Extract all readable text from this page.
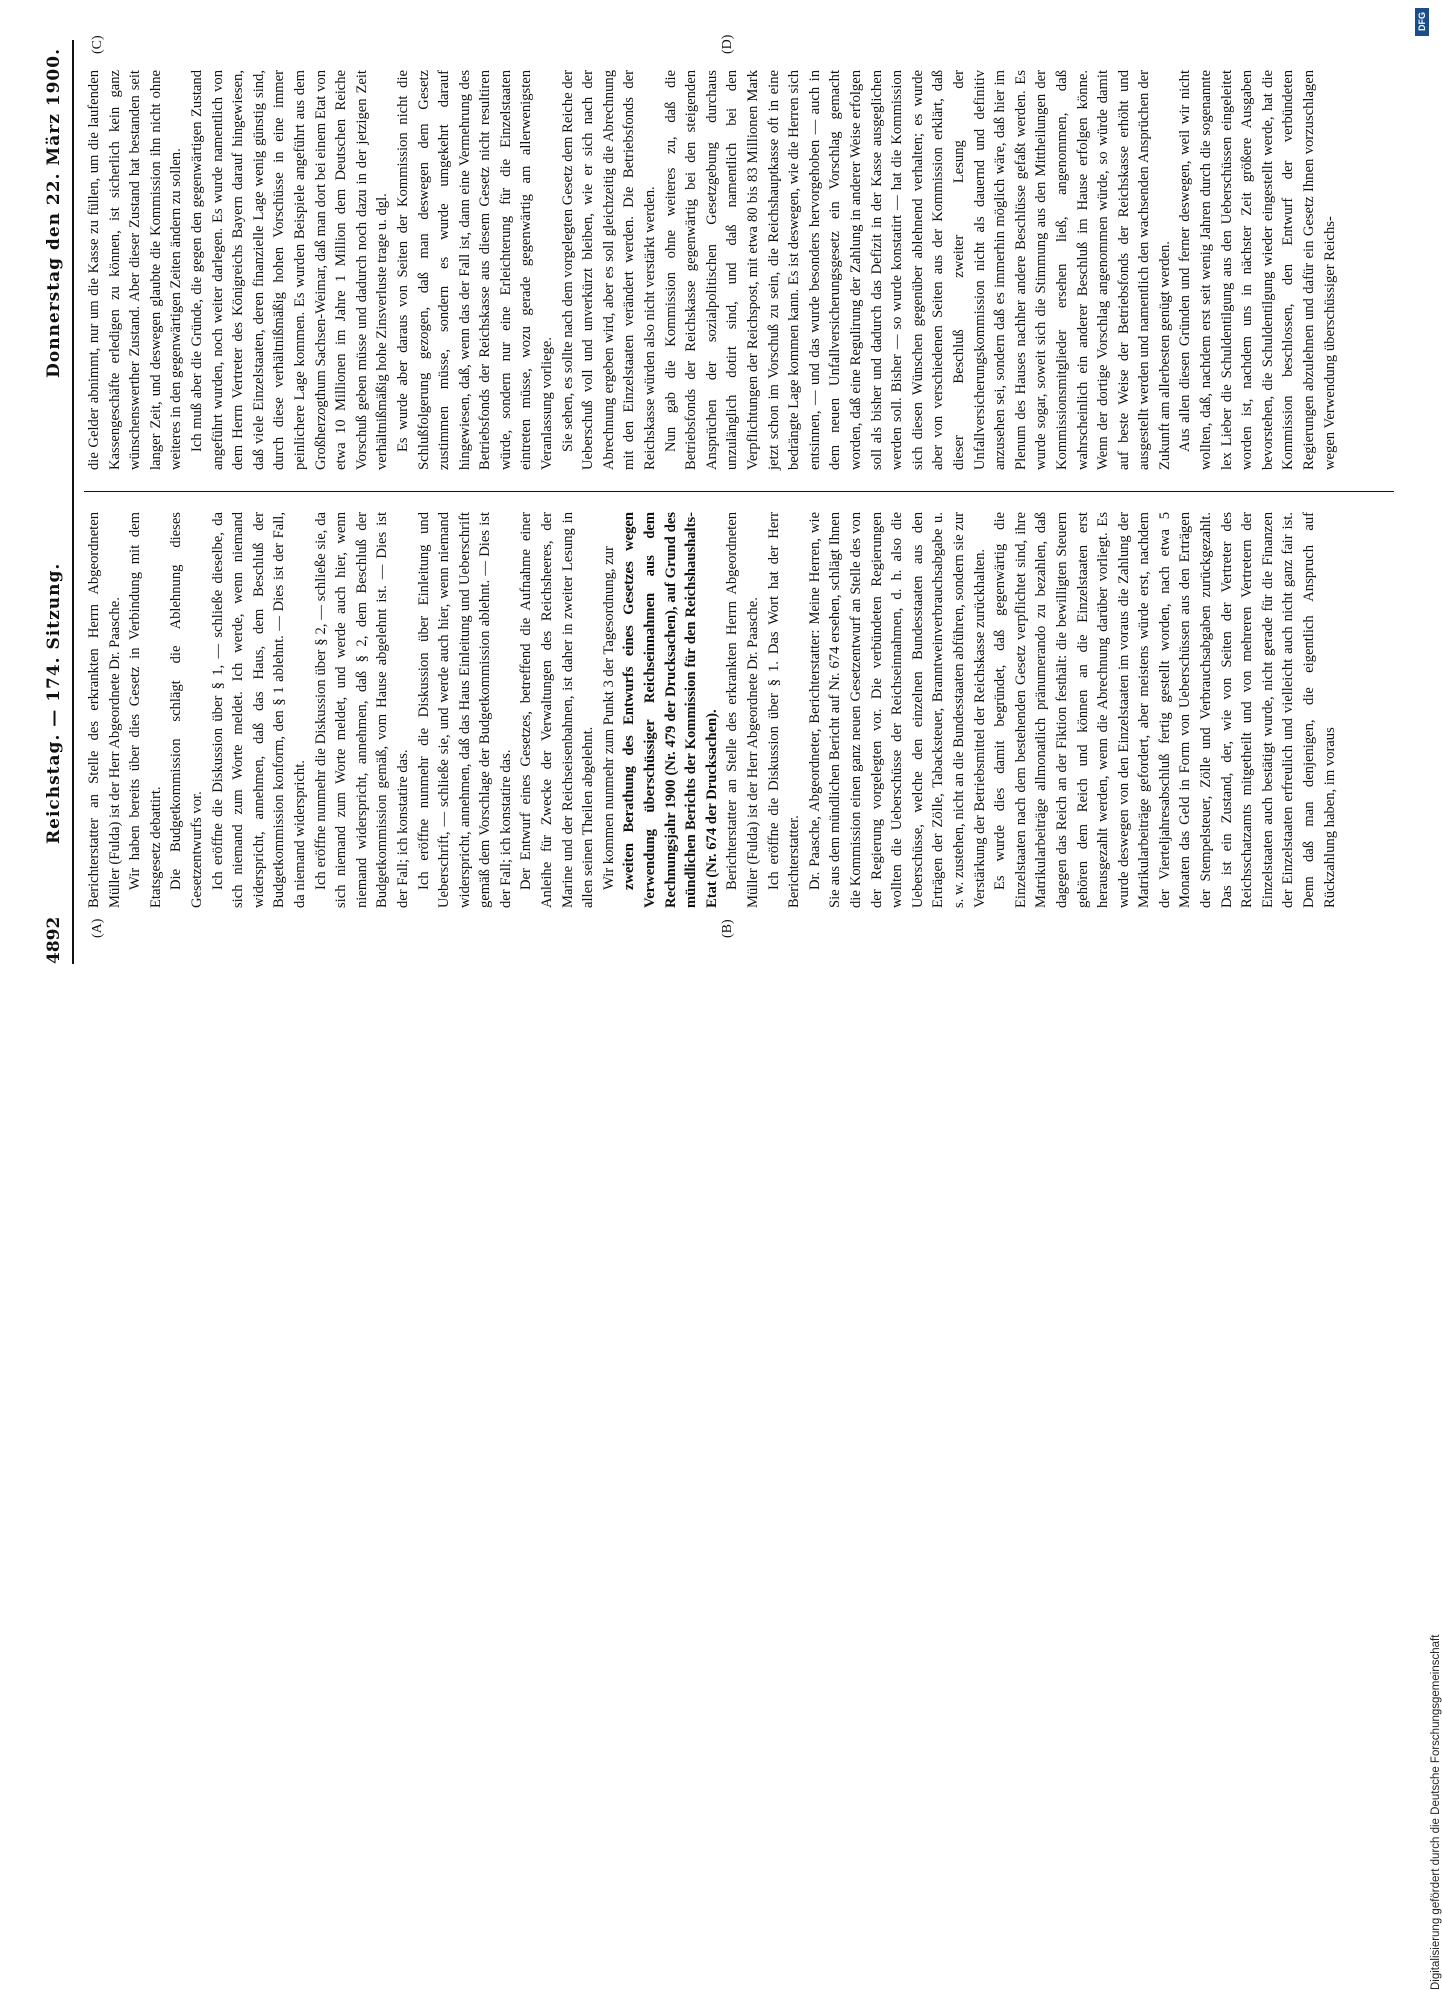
4892
Reichstag. — 174. Sitzung.
Donnerstag den 22. März 1900.
(A)	(B)
(C)	(D)

Berichterstatter an Stelle des erkrankten Herrn Abgeordneten Müller (Fulda) ist der Herr Abgeordnete Dr. Paasche. Wir haben bereits über dies Gesetz in Verbindung mit dem Etatsgesetz debattirt. Die Budgetkommission schlägt die Ablehnung dieses Gesetzentwurfs vor. Ich eröffne die Diskussion über § 1, — schließe dieselbe, da sich niemand zum Worte meldet. Ich werde, wenn niemand widerspricht, annehmen, daß das Haus, dem Beschluß der Budgetkommission konform, den § 1 ablehnt. — Dies ist der Fall, da niemand widerspricht. Ich eröffne nunmehr die Diskussion über § 2, — schließe sie, da sich niemand zum Worte meldet, und werde auch hier, wenn niemand widerspricht, annehmen, daß § 2, dem Beschluß der Budgetkommission gemäß, vom Hause abgelehnt ist. — Dies ist der Fall; ich konstatire das. Ich eröffne nunmehr die Diskussion über Einleitung und Ueberschrift, — schließe sie, und werde auch hier, wenn niemand widerspricht, annehmen, daß das Haus Einleitung und Ueberschrift gemäß dem Vorschlage der Budgetkommission ablehnt. — Dies ist der Fall; ich konstatire das. Der Entwurf eines Gesetzes, betreffend die Aufnahme einer Anleihe für Zwecke der Verwaltungen des Reichsheeres, der Marine und der Reichseisenbahnen, ist daher in zweiter Lesung in allen seinen Theilen abgelehnt. Wir kommen nunmehr zum Punkt 3 der Tagesordnung, zur zweiten Berathung des Entwurfs eines Gesetzes wegen Verwendung überschüssiger Reichseinnahmen aus dem Rechnungsjahr 1900 (Nr. 479 der Drucksachen), auf Grund des mündlichen Berichts der Kommission für den Reichshaushalts-Etat (Nr. 674 der Drucksachen). Berichterstatter an Stelle des erkrankten Herrn Abgeordneten Müller (Fulda) ist der Herr Abgeordnete Dr. Paasche. Ich eröffne die Diskussion über § 1. Das Wort hat der Herr Berichterstatter. Dr. Paasche, Abgeordneter, Berichterstatter: Meine Herren, wie Sie aus dem mündlichen Bericht auf Nr. 674 ersehen, schlägt Ihnen die Kommission einen ganz neuen Gesetzentwurf an Stelle des von der Regierung vorgelegten vor. Die verbündeten Regierungen wollten die Ueberschüsse der Reichseinnahmen, d. h. also die Ueberschüsse, welche den einzelnen Bundesstaaten aus den Erträgen der Zölle, Tabacksteuer, Branntweinverbrauchsabgabe u. s. w. zustehen, nicht an die Bundesstaaten abführen, sondern sie zur Verstärkung der Betriebsmittel der Reichskasse zurückhalten. Es wurde dies damit begründet, daß gegenwärtig die Einzelstaaten nach dem bestehenden Gesetz verpflichtet sind, ihre Matrikularbeiträge allmonatlich pränumerando zu bezahlen, daß dagegen das Reich an der Fiktion festhält: die bewilligten Steuern gehören dem Reich und können an die Einzelstaaten erst herausgezahlt werden, wenn die Abrechnung darüber vorliegt. Es wurde deswegen von den Einzelstaaten im voraus die Zahlung der Matrikularbeiträge gefordert, aber meistens würde erst, nachdem der Vierteljahresabschluß fertig gestellt worden, nach etwa 5 Monaten das Geld in Form von Ueberschüssen aus den Erträgen der Stempelsteuer, Zölle und Verbrauchsabgaben zurückgezahlt. Das ist ein Zustand, der, wie von Seiten der Vertreter des Reichsschatzamts mitgetheilt und von mehreren Vertretern der Einzelstaaten auch bestätigt wurde, nicht gerade für die Finanzen der Einzelstaaten erfreulich und vielleicht auch nicht ganz fair ist. Denn daß man denjenigen, die eigentlich Anspruch auf Rückzahlung haben, im voraus

die Gelder abnimmt, nur um die Kasse zu füllen, um die laufenden Kassengeschäfte erledigen zu können, ist sicherlich kein ganz wünschenswerther Zustand. Aber dieser Zustand hat bestanden seit langer Zeit, und deswegen glaubte die Kommission ihn nicht ohne weiteres in den gegenwärtigen Zeiten ändern zu sollen. Ich muß aber die Gründe, die gegen den gegenwärtigen Zustand angeführt wurden, noch weiter darlegen. Es wurde namentlich von dem Herrn Vertreter des Königreichs Bayern darauf hingewiesen, daß viele Einzelstaaten, deren finanzielle Lage wenig günstig sind, durch diese verhältnißmäßig hohen Vorschüsse in eine immer peinlichere Lage kommen. Es wurden Beispiele angeführt aus dem Großherzogthum Sachsen-Weimar, daß man dort bei einem Etat von etwa 10 Millionen im Jahre 1 Million dem Deutschen Reiche Vorschuß geben müsse und dadurch noch dazu in der jetzigen Zeit verhältnißmäßig hohe Zinsverluste trage u. dgl. Es wurde aber daraus von Seiten der Kommission nicht die Schlußfolgerung gezogen, daß man deswegen dem Gesetz zustimmen müsse, sondern es wurde umgekehrt darauf hingewiesen, daß, wenn das der Fall ist, dann eine Vermehrung des Betriebsfonds der Reichskasse aus diesem Gesetz nicht resultiren würde, sondern nur eine Erleichterung für die Einzelstaaten eintreten müsse, wozu gerade gegenwärtig am allerwenigsten Veranlassung vorliege. Sie sehen, es sollte nach dem vorgelegten Gesetz dem Reiche der Ueberschuß voll und unverkürzt bleiben, wie er sich nach der Abrechnung ergeben wird, aber es soll gleichzeitig die Abrechnung mit den Einzelstaaten verändert werden. Die Betriebsfonds der Reichskasse würden also nicht verstärkt werden. Nun gab die Kommission ohne weiteres zu, daß die Betriebsfonds der Reichskasse gegenwärtig bei den steigenden Ansprüchen der sozialpolitischen Gesetzgebung durchaus unzulänglich dotirt sind, und daß namentlich bei den Verpflichtungen der Reichspost, mit etwa 80 bis 83 Millionen Mark jetzt schon im Vorschuß zu sein, die Reichshauptkasse oft in eine bedrängte Lage kommen kann. Es ist deswegen, wie die Herren sich entsinnen, — und das wurde besonders hervorgehoben — auch in dem neuen Unfallversicherungsgesetz ein Vorschlag gemacht worden, daß eine Regulirung der Zahlung in anderer Weise erfolgen soll als bisher und dadurch das Defizit in der Kasse ausgeglichen werden soll. Bisher — so wurde konstatirt — hat die Kommission sich diesen Wünschen gegenüber ablehnend verhalten; es wurde aber von verschiedenen Seiten aus der Kommission erklärt, daß dieser Beschluß zweiter Lesung der Unfallversicherungskommission nicht als dauernd und definitiv anzusehen sei, sondern daß es immerhin möglich wäre, daß hier im Plenum des Hauses nachher andere Beschlüsse gefaßt werden. Es wurde sogar, soweit sich die Stimmung aus den Mittheilungen der Kommissionsmitglieder ersehen ließ, angenommen, daß wahrscheinlich ein anderer Beschluß im Hause erfolgen könne. Wenn der dortige Vorschlag angenommen würde, so würde damit auf beste Weise der Betriebsfonds der Reichskasse erhöht und ausgestellt werden und namentlich den wachsenden Ansprüchen der Zukunft am allerbesten genügt werden. Aus allen diesen Gründen und ferner deswegen, weil wir nicht wollten, daß, nachdem erst seit wenig Jahren durch die sogenannte lex Lieber die Schuldentilgung aus den Ueberschüssen eingeleitet worden ist, nachdem uns in nächster Zeit größere Ausgaben bevorstehen, die Schuldentilgung wieder eingestellt werde, hat die Kommission beschlossen, den Entwurf der verbündeten Regierungen abzulehnen und dafür ein Gesetz Ihnen vorzuschlagen wegen Verwendung überschüssiger Reichs-

DFG
Digitalisierung gefördert durch die Deutsche Forschungsgemeinschaft
